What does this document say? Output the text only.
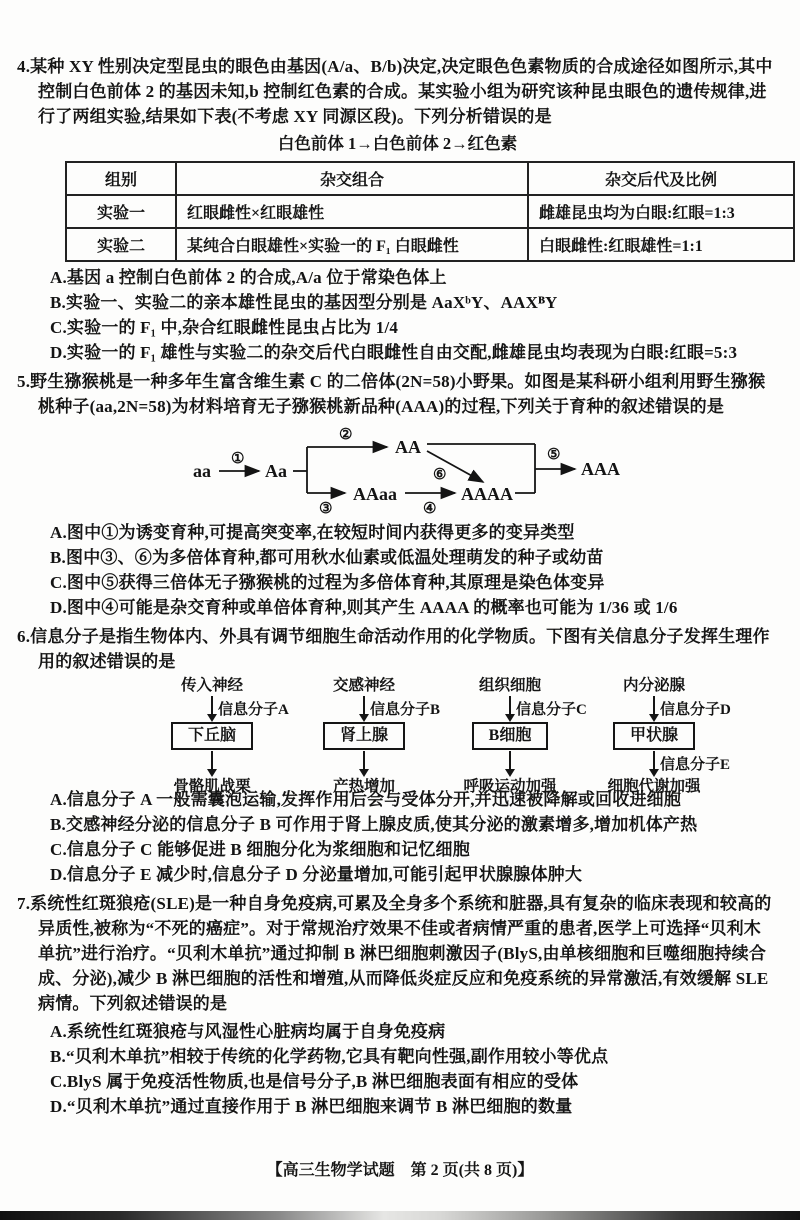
4.某种 XY 性别决定型昆虫的眼色由基因(A/a、B/b)决定,决定眼色色素物质的合成途径如图所示,其中控制白色前体 2 的基因未知,b 控制红色素的合成。某实验小组为研究该种昆虫眼色的遗传规律,进行了两组实验,结果如下表(不考虑 XY 同源区段)。下列分析错误的是
白色前体 1→白色前体 2→红色素
组别	杂交组合	杂交后代及比例
实验一	红眼雌性×红眼雄性	雌雄昆虫均为白眼:红眼=1:3
实验二	某纯合白眼雄性×实验一的 F₁ 白眼雌性	白眼雌性:红眼雄性=1:1
A.基因 a 控制白色前体 2 的合成,A/a 位于常染色体上
B.实验一、实验二的亲本雄性昆虫的基因型分别是 AaXᵇY、AAXᴮY
C.实验一的 F₁ 中,杂合红眼雌性昆虫占比为 1/4
D.实验一的 F₁ 雄性与实验二的杂交后代白眼雌性自由交配,雌雄昆虫均表现为白眼:红眼=5:3
5.野生猕猴桃是一种多年生富含维生素 C 的二倍体(2N=58)小野果。如图是某科研小组利用野生猕猴桃种子(aa,2N=58)为材料培育无子猕猴桃新品种(AAA)的过程,下列关于育种的叙述错误的是
aa	Aa
AA
AAaa	AAAA
AAA
①
②
③	④
⑤
⑥
A.图中①为诱变育种,可提高突变率,在较短时间内获得更多的变异类型
B.图中③、⑥为多倍体育种,都可用秋水仙素或低温处理萌发的种子或幼苗
C.图中⑤获得三倍体无子猕猴桃的过程为多倍体育种,其原理是染色体变异
D.图中④可能是杂交育种或单倍体育种,则其产生 AAAA 的概率也可能为 1/36 或 1/6
6.信息分子是指生物体内、外具有调节细胞生命活动作用的化学物质。下图有关信息分子发挥生理作用的叙述错误的是
传入神经
信息分子A
下丘脑
骨骼肌战栗
交感神经
信息分子B
肾上腺
产热增加
组织细胞
信息分子C
B细胞
呼吸运动加强
内分泌腺
信息分子D
甲状腺
信息分子E
细胞代谢加强
A.信息分子 A 一般需囊泡运输,发挥作用后会与受体分开,并迅速被降解或回收进细胞
B.交感神经分泌的信息分子 B 可作用于肾上腺皮质,使其分泌的激素增多,增加机体产热
C.信息分子 C 能够促进 B 细胞分化为浆细胞和记忆细胞
D.信息分子 E 减少时,信息分子 D 分泌量增加,可能引起甲状腺腺体肿大
7.系统性红斑狼疮(SLE)是一种自身免疫病,可累及全身多个系统和脏器,具有复杂的临床表现和较高的异质性,被称为“不死的癌症”。对于常规治疗效果不佳或者病情严重的患者,医学上可选择“贝利木单抗”进行治疗。“贝利木单抗”通过抑制 B 淋巴细胞刺激因子(BlyS,由单核细胞和巨噬细胞持续合成、分泌),减少 B 淋巴细胞的活性和增殖,从而降低炎症反应和免疫系统的异常激活,有效缓解 SLE 病情。下列叙述错误的是
A.系统性红斑狼疮与风湿性心脏病均属于自身免疫病
B.“贝利木单抗”相较于传统的化学药物,它具有靶向性强,副作用较小等优点
C.BlyS 属于免疫活性物质,也是信号分子,B 淋巴细胞表面有相应的受体
D.“贝利木单抗”通过直接作用于 B 淋巴细胞来调节 B 淋巴细胞的数量
【高三生物学试题　第 2 页(共 8 页)】
